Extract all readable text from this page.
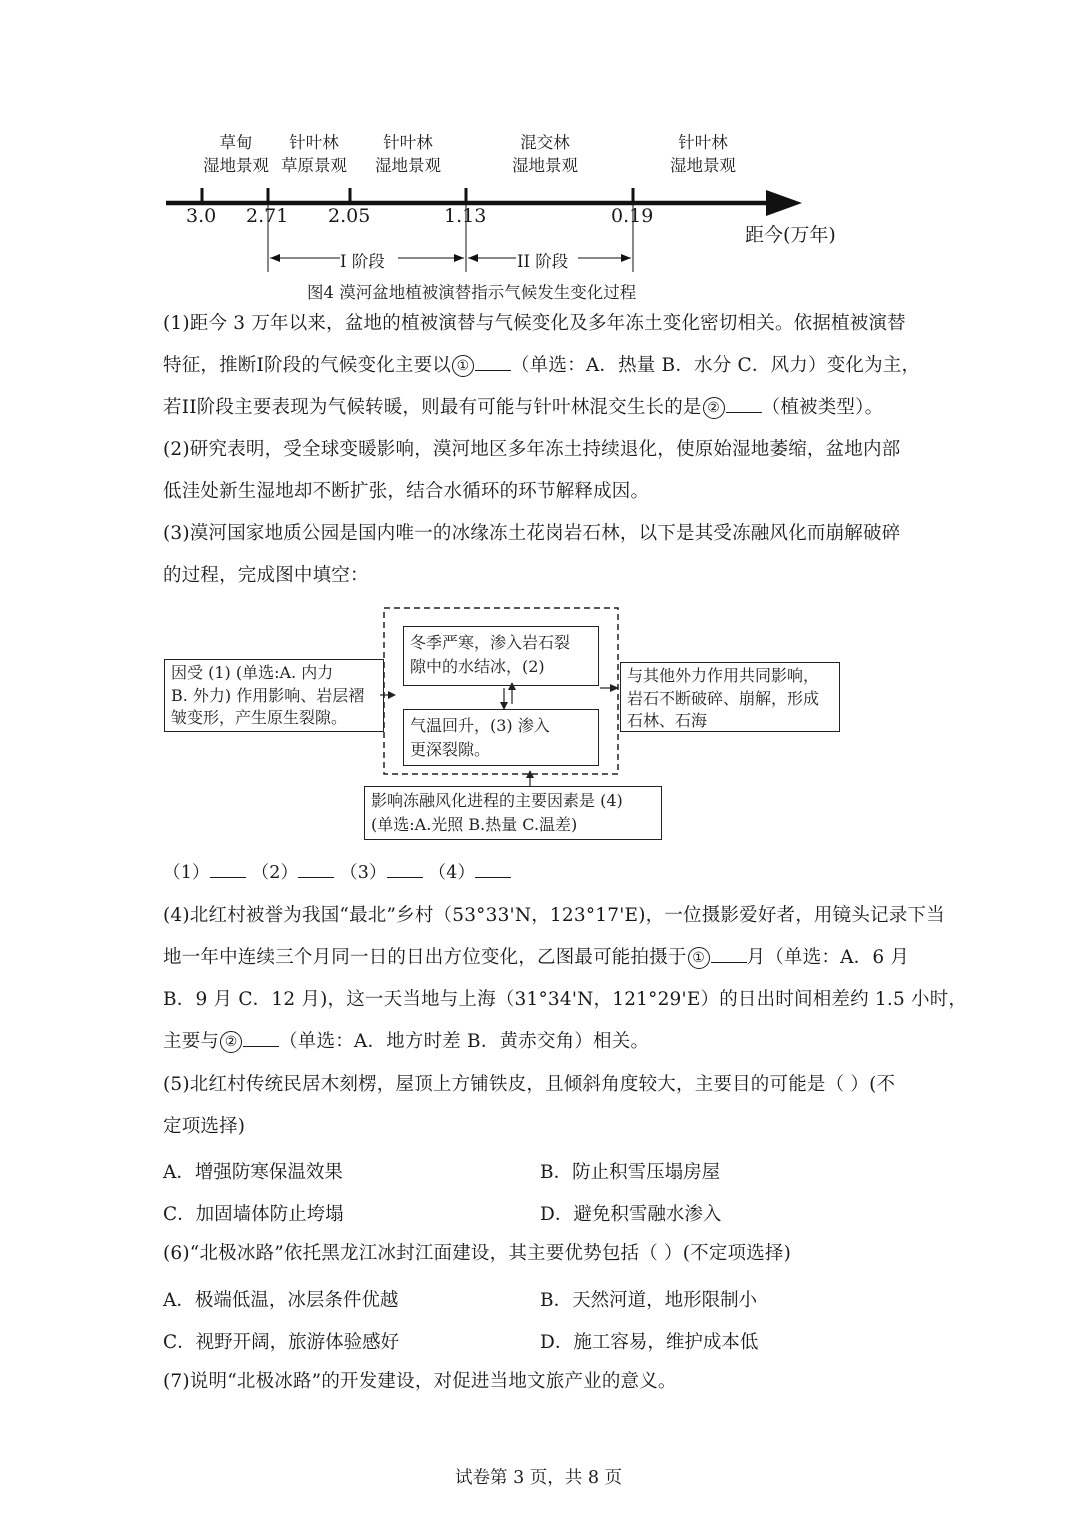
草甸
湿地景观
针叶林
草原景观
针叶林
湿地景观
混交林
湿地景观
针叶林
湿地景观
3.0 2.71 2.05	1.13	0.19
距今(万年)
I 阶段	II 阶段
图4 漠河盆地植被演替指示气候发生变化过程
(1)距今 3 万年以来，盆地的植被演替与气候变化及多年冻土变化密切相关。依据植被演替
特征，推断I阶段的气候变化主要以 ① （单选：A．热量 B．水分 C．风力）变化为主，
若II阶段主要表现为气候转暖，则最有可能与针叶林混交生长的是 ② （植被类型）。
(2)研究表明，受全球变暖影响，漠河地区多年冻土持续退化，使原始湿地萎缩，盆地内部
低洼处新生湿地却不断扩张，结合水循环的环节解释成因。
(3)漠河国家地质公园是国内唯一的冰缘冻土花岗岩石林，以下是其受冻融风化而崩解破碎
的过程，完成图中填空：
因受 (1) (单选:A. 内力
B. 外力) 作用影响、岩层褶
皱变形，产生原生裂隙。
冬季严寒，渗入岩石裂
隙中的水结冰，(2)
气温回升，(3) 渗入
更深裂隙。
与其他外力作用共同影响，
岩石不断破碎、崩解，形成
石林、石海
影响冻融风化进程的主要因素是 (4)
(单选:A.光照 B.热量 C.温差)
（1） （2） （3） （4）
(4)北红村被誉为我国“最北”乡村（53°33'N，123°17'E)，一位摄影爱好者，用镜头记录下当
地一年中连续三个月同一日的日出方位变化，乙图最可能拍摄于 ① 月（单选：A．6 月
B．9 月 C．12 月)，这一天当地与上海（31°34'N，121°29'E）的日出时间相差约 1.5 小时，
主要与 ② （单选：A．地方时差 B．黄赤交角）相关。
(5)北红村传统民居木刻楞，屋顶上方铺铁皮，且倾斜角度较大，主要目的可能是（ ）(不
定项选择)
A．增强防寒保温效果	B．防止积雪压塌房屋
C．加固墙体防止垮塌	D．避免积雪融水渗入
(6)“北极冰路”依托黑龙江冰封江面建设，其主要优势包括（ ）(不定项选择)
A．极端低温，冰层条件优越	B．天然河道，地形限制小
C．视野开阔，旅游体验感好	D．施工容易，维护成本低
(7)说明“北极冰路”的开发建设，对促进当地文旅产业的意义。
试卷第 3 页，共 8 页
